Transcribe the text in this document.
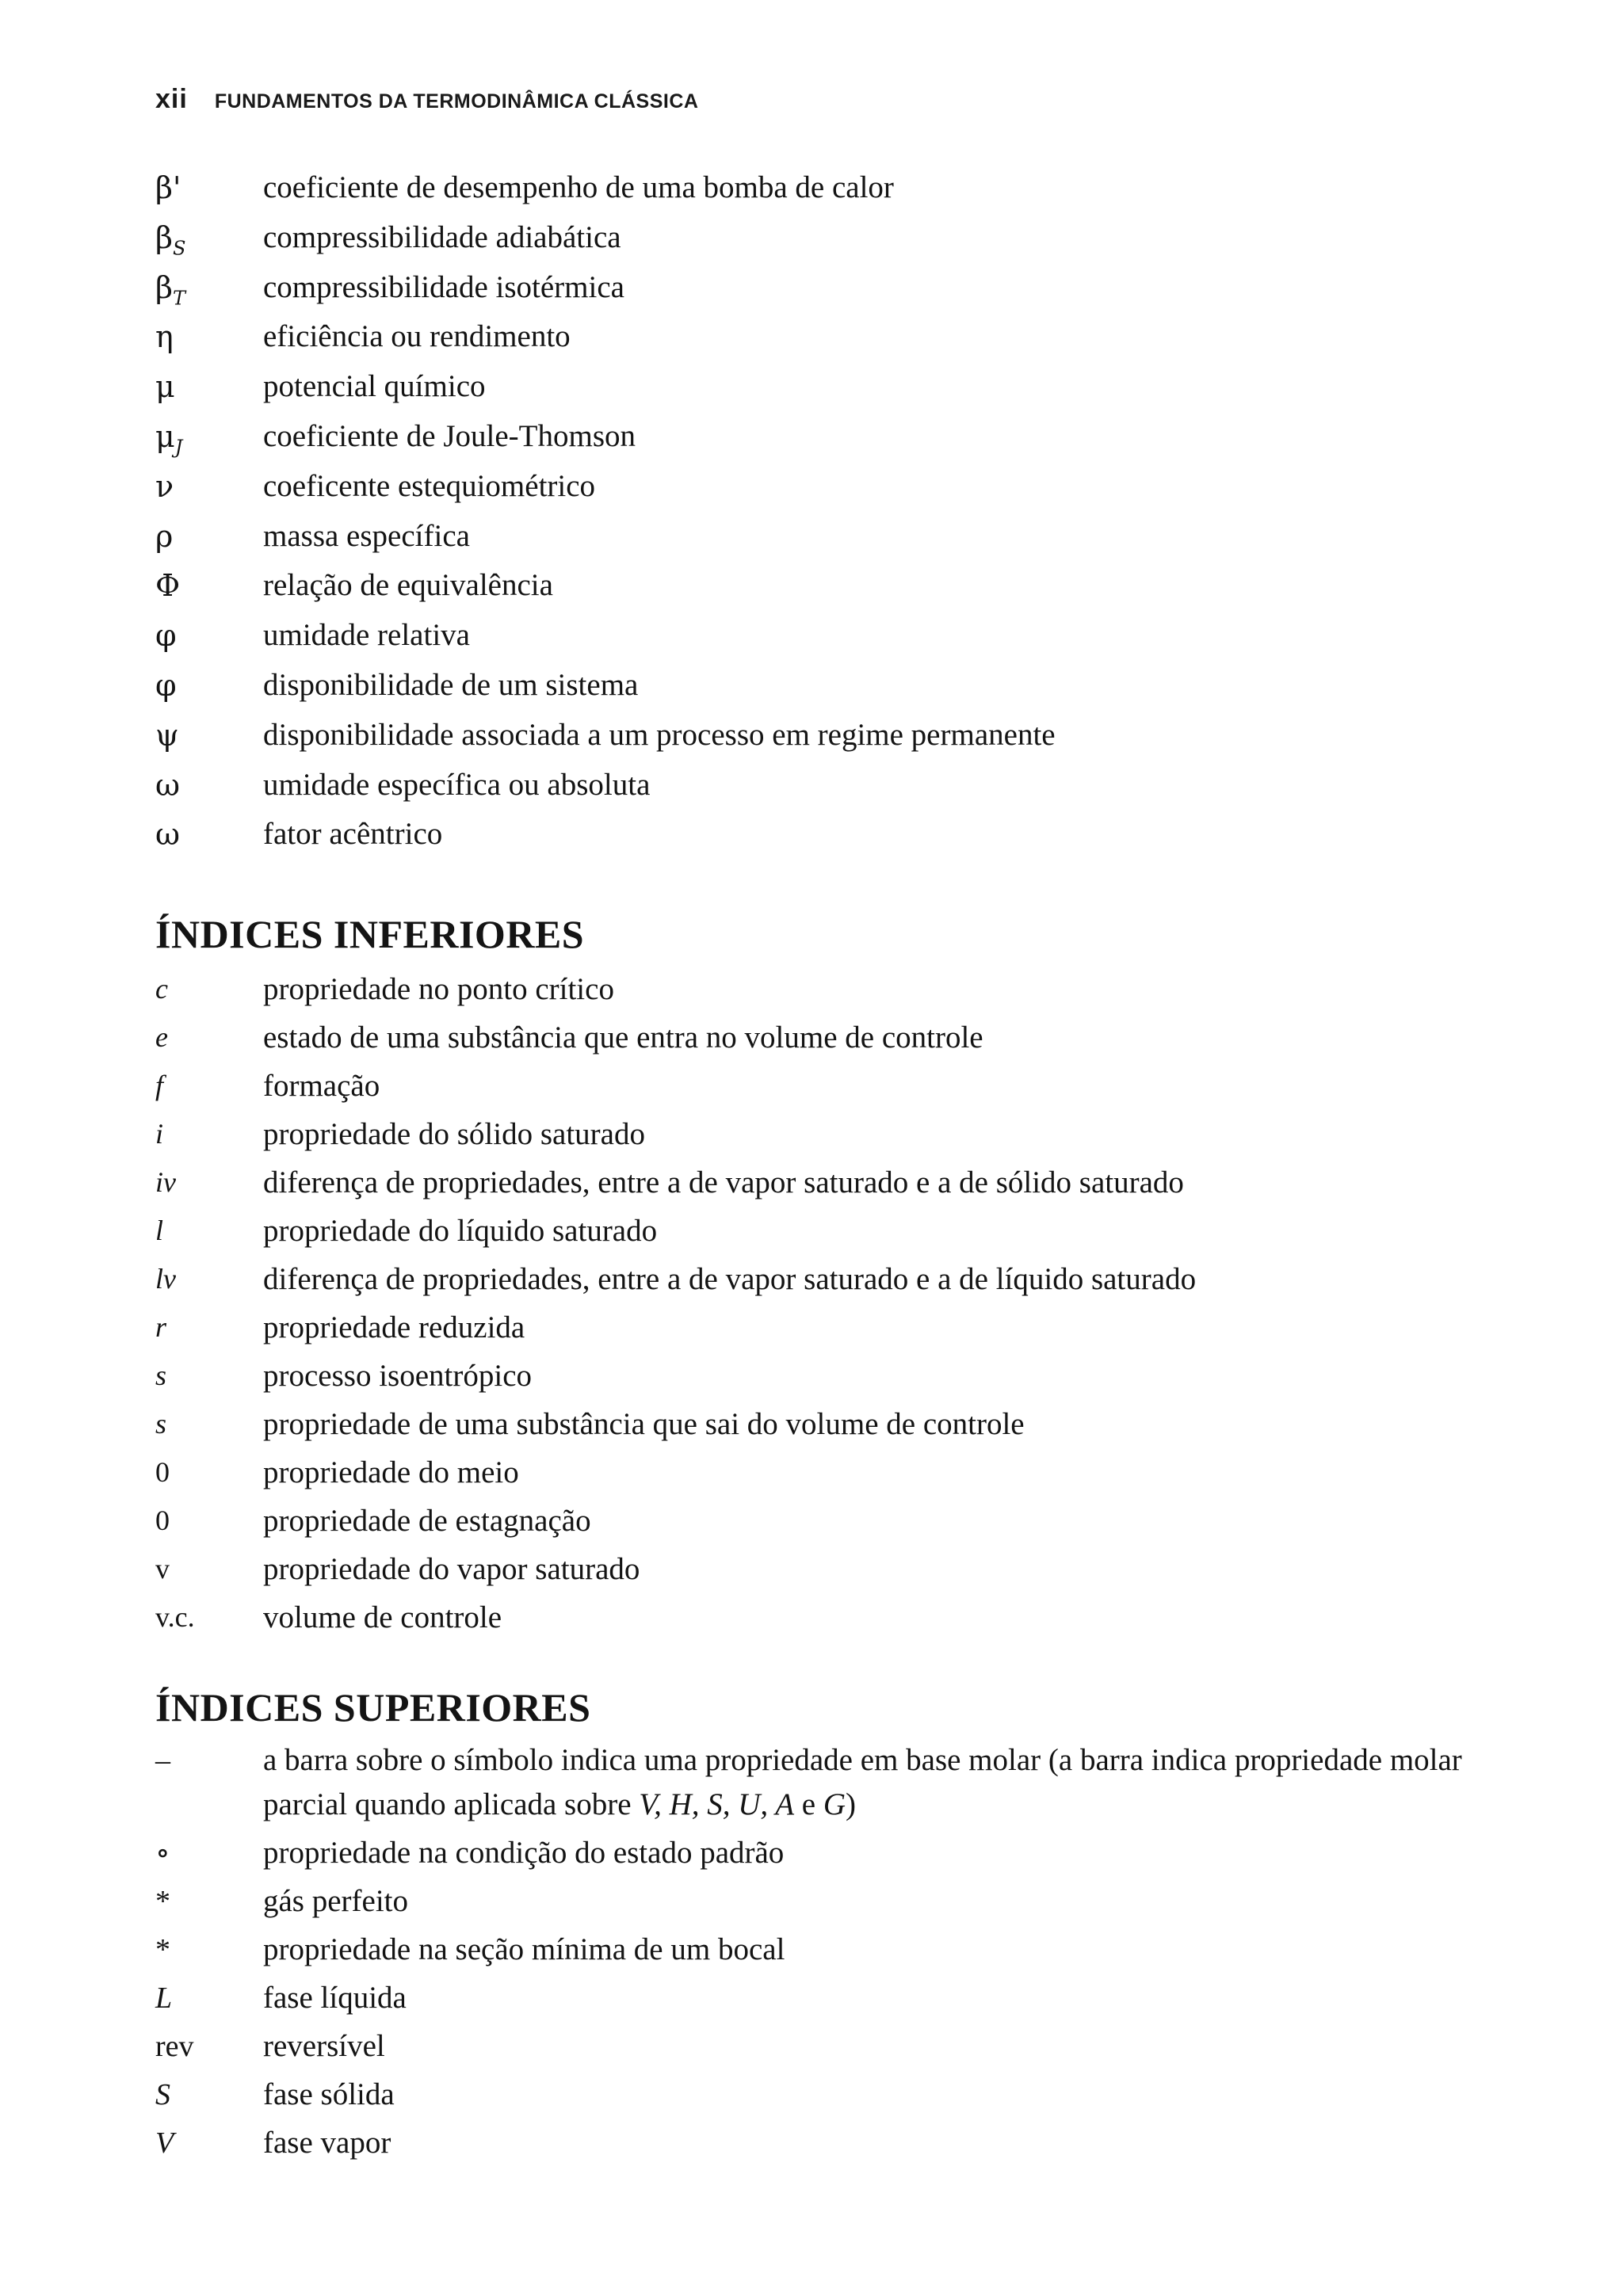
xii FUNDAMENTOS DA TERMODINÂMICA CLÁSSICA
β'	coeficiente de desempenho de uma bomba de calor
$\beta_S$	compressibilidade adiabática
$\beta_T$	compressibilidade isotérmica
η	eficiência ou rendimento
μ	potencial químico
$\mu_J$	coeficiente de Joule-Thomson
ν	coeficente estequiométrico
ρ	massa específica
Φ	relação de equivalência
φ	umidade relativa
φ	disponibilidade de um sistema
ψ	disponibilidade associada a um processo em regime permanente
ω	umidade específica ou absoluta
ω	fator acêntrico
ÍNDICES INFERIORES
c	propriedade no ponto crítico
e	estado de uma substância que entra no volume de controle
f	formação
i	propriedade do sólido saturado
iv	diferença de propriedades, entre a de vapor saturado e a de sólido saturado
l	propriedade do líquido saturado
lv	diferença de propriedades, entre a de vapor saturado e a de líquido saturado
r	propriedade reduzida
s	processo isoentrópico
s	propriedade de uma substância que sai do volume de controle
0	propriedade do meio
0	propriedade de estagnação
v	propriedade do vapor saturado
v.c.	volume de controle
ÍNDICES SUPERIORES
–	a barra sobre o símbolo indica uma propriedade em base molar (a barra indica propriedade molar parcial quando aplicada sobre V, H, S, U, A e G)
∘	propriedade na condição do estado padrão
*	gás perfeito
*	propriedade na seção mínima de um bocal
L	fase líquida
rev	reversível
S	fase sólida
V	fase vapor
